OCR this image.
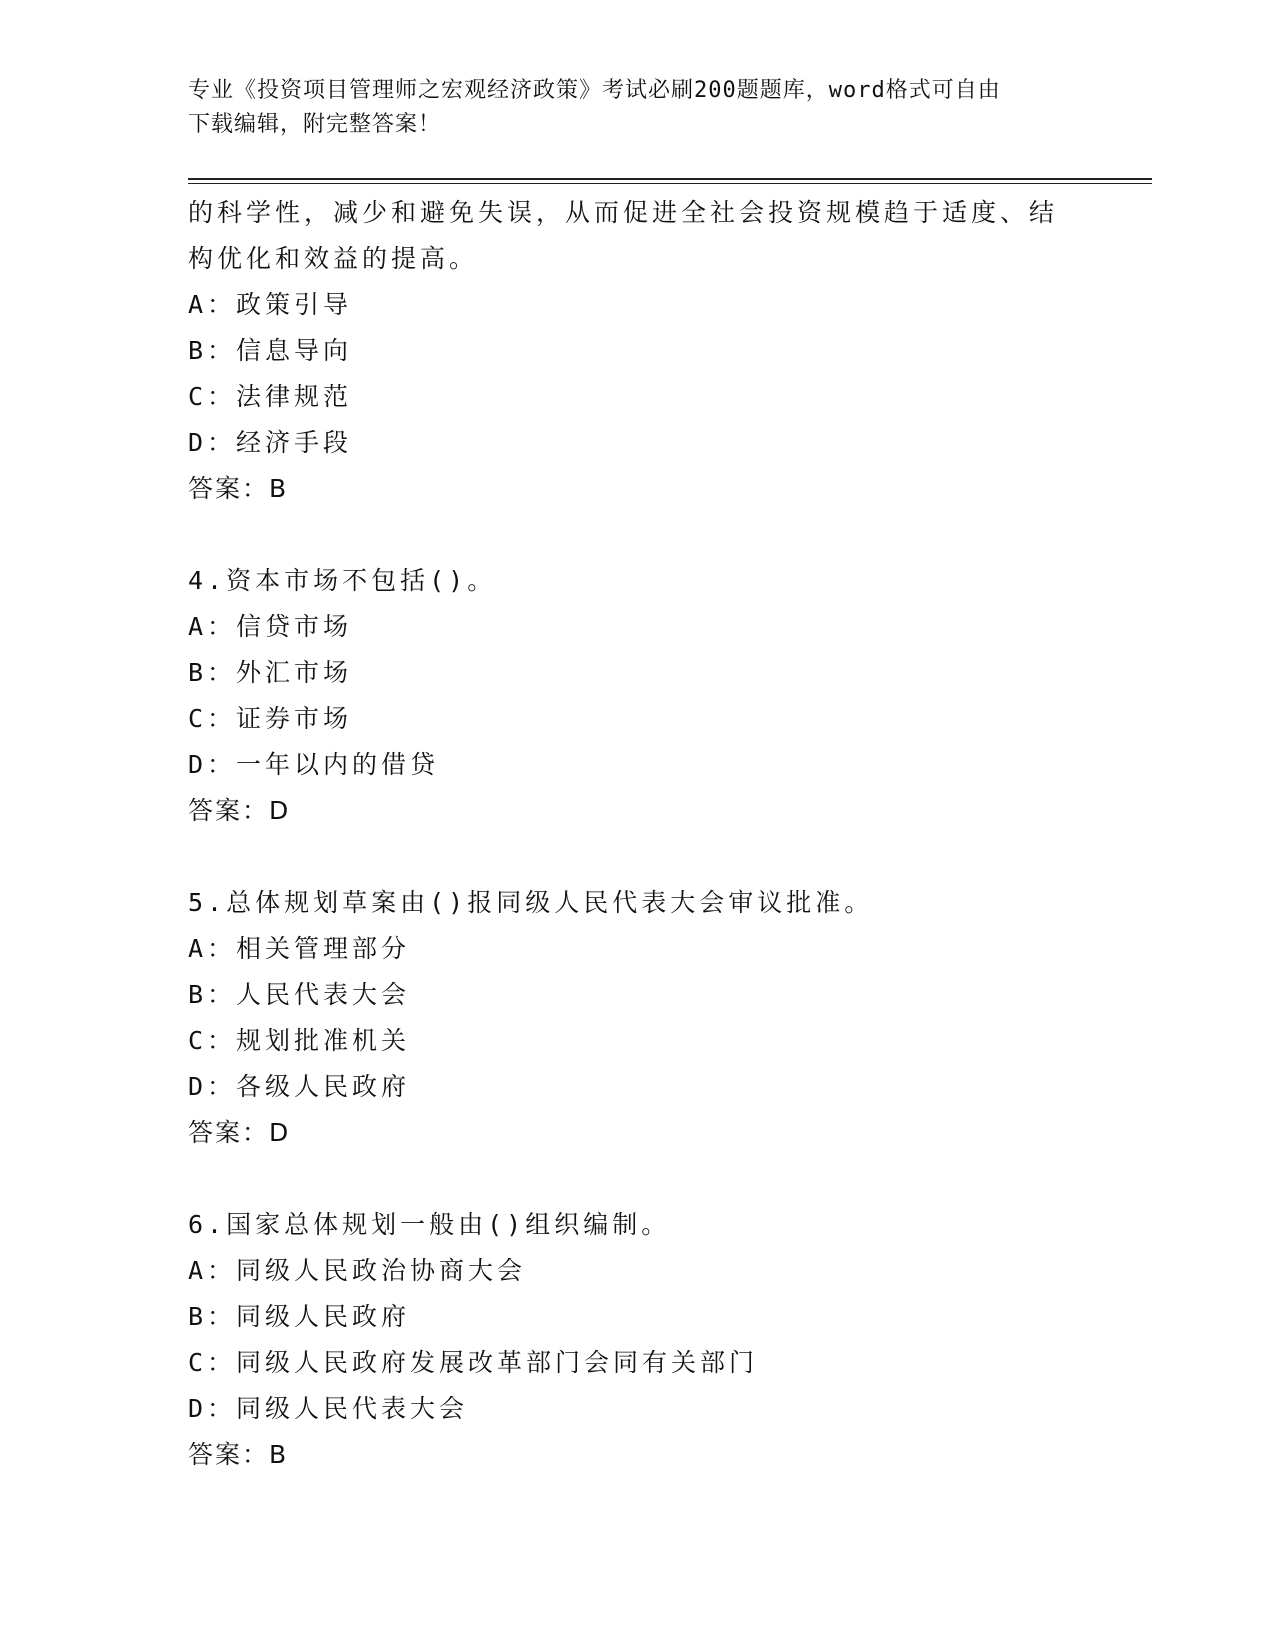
专业《投资项目管理师之宏观经济政策》考试必刷200题题库，word格式可自由
下载编辑，附完整答案！
的科学性，减少和避免失误，从而促进全社会投资规模趋于适度、结
构优化和效益的提高。
A：政策引导
B：信息导向
C：法律规范
D：经济手段
答案：B
4.资本市场不包括()。
A：信贷市场
B：外汇市场
C：证券市场
D：一年以内的借贷
答案：D
5.总体规划草案由()报同级人民代表大会审议批准。
A：相关管理部分
B：人民代表大会
C：规划批准机关
D：各级人民政府
答案：D
6.国家总体规划一般由()组织编制。
A：同级人民政治协商大会
B：同级人民政府
C：同级人民政府发展改革部门会同有关部门
D：同级人民代表大会
答案：B
